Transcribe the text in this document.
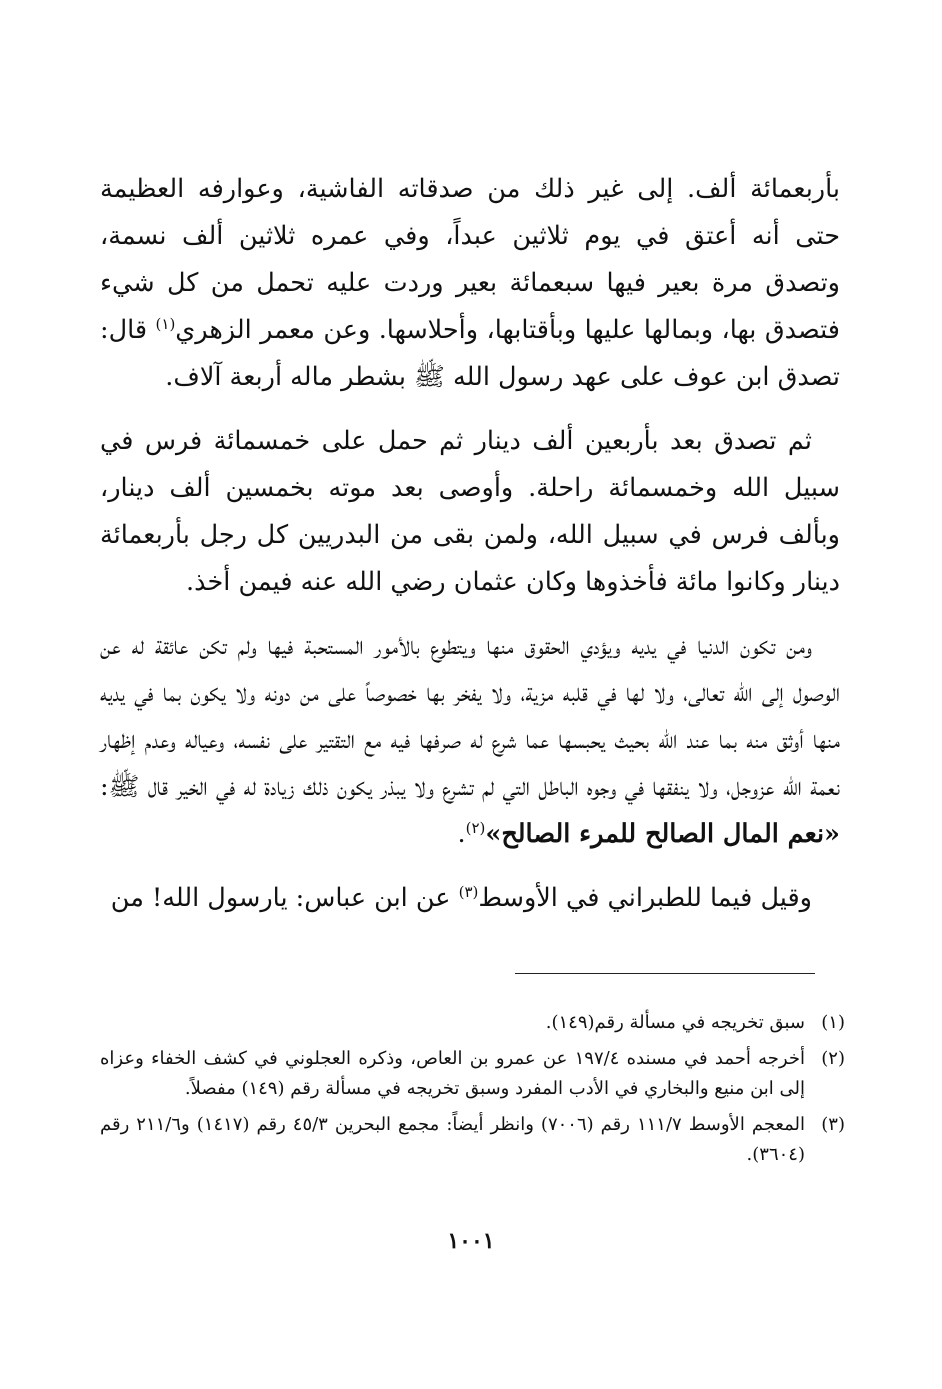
بأربعمائة ألف. إلى غير ذلك من صدقاته الفاشية، وعوارفه العظيمة حتى أنه أعتق في يوم ثلاثين عبداً، وفي عمره ثلاثين ألف نسمة، وتصدق مرة بعير فيها سبعمائة بعير وردت عليه تحمل من كل شيء فتصدق بها، وبمالها عليها وبأقتابها، وأحلاسها. وعن معمر الزهري$^{(١)}$ قال: تصدق ابن عوف على عهد رسول الله ﷺ بشطر ماله أربعة آلاف.

ثم تصدق بعد بأربعين ألف دينار ثم حمل على خمسمائة فرس في سبيل الله وخمسمائة راحلة. وأوصى بعد موته بخمسين ألف دينار، وبألف فرس في سبيل الله، ولمن بقى من البدريين كل رجل بأربعمائة دينار وكانوا مائة فأخذوها وكان عثمان رضي الله عنه فيمن أخذ.

ومن تكون الدنيا في يديه ويؤدي الحقوق منها ويتطوع بالأمور المستحبة فيها ولم تكن عائقة له عن الوصول إلى الله تعالى، ولا لها في قلبه مزية، ولا يفخر بها خصوصاً على من دونه ولا يكون بما في يديه منها أوثق منه بما عند الله بحيث يحبسها عما شرع له صرفها فيه مع التقتير على نفسه، وعياله وعدم إظهار نعمة الله عزوجل، ولا ينفقها في وجوه الباطل التي لم تشرع ولا يبذر يكون ذلك زيادة له في الخير قال ﷺ: «نعم المال الصالح للمرء الصالح»$^{(٢)}$.

وقيل فيما للطبراني في الأوسط$^{(٣)}$ عن ابن عباس: يارسول الله! من

(١)
سبق تخريجه في مسألة رقم(١٤٩).
(٢)
أخرجه أحمد في مسنده ١٩٧/٤ عن عمرو بن العاص، وذكره العجلوني في كشف الخفاء وعزاه إلى ابن منيع والبخاري في الأدب المفرد وسبق تخريجه في مسألة رقم (١٤٩) مفصلاً.
(٣)
المعجم الأوسط ١١١/٧ رقم (٧٠٠٦) وانظر أيضاً: مجمع البحرين ٤٥/٣ رقم (١٤١٧) و٢١١/٦ رقم (٣٦٠٤).
١٠٠١
